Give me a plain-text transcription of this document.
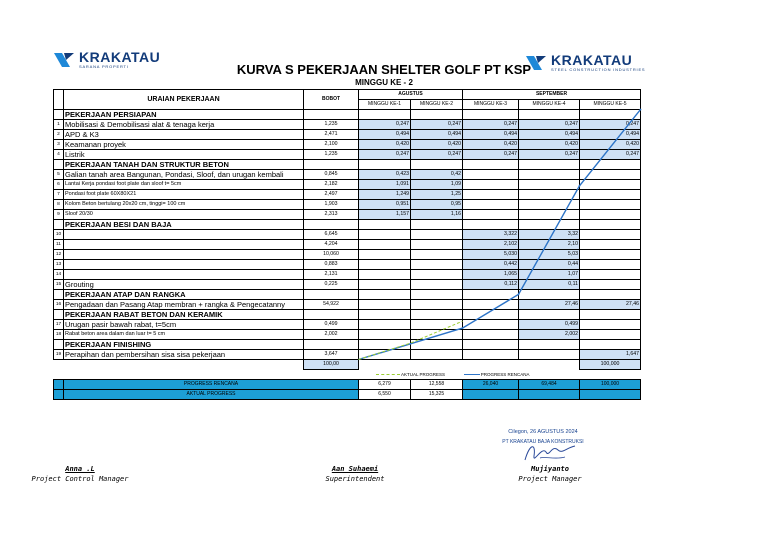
KRAKATAU
SARANA PROPERTI	KRAKATAU
STEEL CONSTRUCTION INDUSTRIES
KURVA S PEKERJAAN SHELTER GOLF PT KSP
MINGGU KE - 2
	URAIAN PEKERJAAN	BOBOT	AGUSTUS		SEPTEMBER		
			MINGGU KE-1	MINGGU KE-2	MINGGU KE-3	MINGGU KE-4	MINGGU KE-5

	PEKERJAAN PERSIAPAN						
1	Mobilisasi & Demobilisasi alat & tenaga kerja	1,235	0,247	0,247	0,247	0,247	0,247
2	APD & K3	2,471	0,494	0,494	0,494	0,494	0,494
3	Keamanan proyek	2,100	0,420	0,420	0,420	0,420	0,420
4	Listrik	1,235	0,247	0,247	0,247	0,247	0,247
	PEKERJAAN TANAH DAN STRUKTUR BETON						
5	Galian tanah area Bangunan, Pondasi, Sloof, dan urugan kembali	0,845	0,423	0,42			
6	Lantai Kerja pondasi foot plate dan sloof t= 5cm	2,182	1,091	1,09			
7	Pondasi foot plate 60X80X21	2,497	1,249	1,25			
8	Kolom Beton bertulang 20x20 cm, tinggi= 100 cm	1,903	0,951	0,95			
9	Sloof 20/30	2,313	1,157	1,16			
	PEKERJAAN BESI DAN BAJA						
10		6,645			3,322	3,32	
11		4,204			2,102	2,10	
12		10,060			5,030	5,03	
13		0,883			0,442	0,44	
14		2,131			1,065	1,07	
15	Grouting	0,225			0,112	0,11	
	PEKERJAAN ATAP DAN RANGKA						
16	Pengadaan dan Pasang Atap membran + rangka & Pengecatanny	54,922				27,46	27,46
	PEKERJAAN RABAT BETON DAN KERAMIK						
17	Urugan pasir bawah rabat, t=5cm	0,499				0,499	
18	Rabat beton area dalam dan luar t= 5 cm	2,002				2,002	
	PEKERJAAN FINISHING						
19	Perapihan dan pembersihan sisa sisa pekerjaan	3,647					1,647
		100,00					100,000
			AKTUAL PROGRESS		PROGRESS RENCANA		
	PROGRESS RENCANA		6,279	12,558	26,040	69,484	100,000
	AKTUAL PROGRESS		6,550	15,325			
Cilegon, 26 AGUSTUS 2024
PT KRAKATAU BAJA KONSTRUKSI
Anna .L
Project Control Manager
Aan Suhaemi
Superintendent
Mujiyanto
Project Manager
